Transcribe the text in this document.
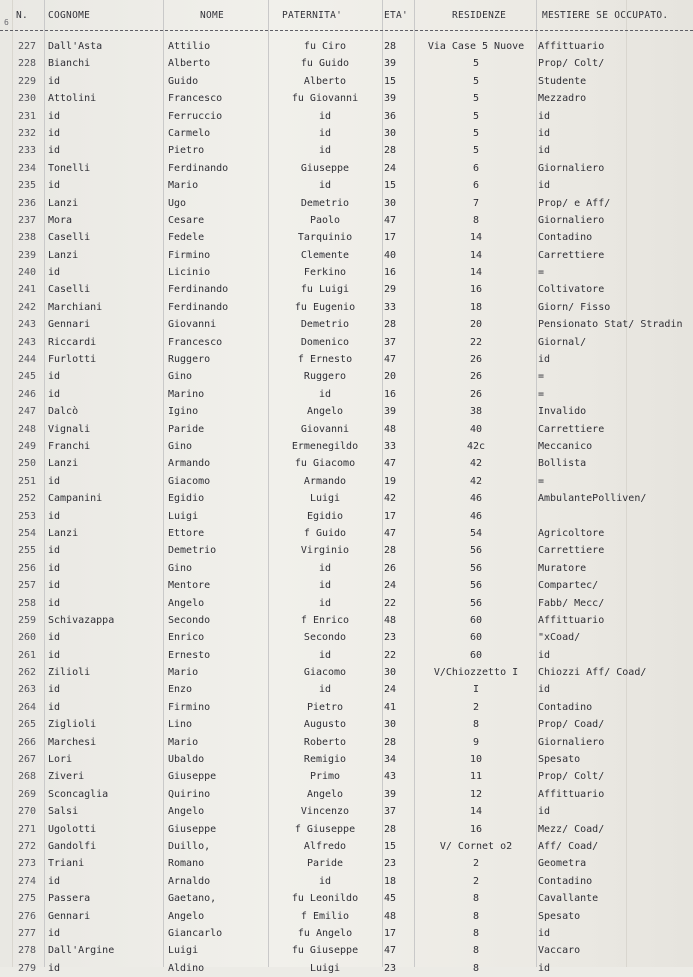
N. COGNOME	NOME	PATERNITA'	ETA'	RESIDENZE	MESTIERE SE OCCUPATO.
6
227	Dall'Asta	Attilio	fu Ciro	28	Via Case 5 Nuove	Affittuario
228	Bianchi	Alberto	fu Guido	39	5	Prop/ Colt/
229	id	Guido	Alberto	15	5	Studente
230	Attolini	Francesco	fu Giovanni	39	5	Mezzadro
231	id	Ferruccio	id	36	5	id
232	id	Carmelo	id	30	5	id
233	id	Pietro	id	28	5	id
234	Tonelli	Ferdinando	Giuseppe	24	6	Giornaliero
235	id	Mario	id	15	6	id
236	Lanzi	Ugo	Demetrio	30	7	Prop/ e Aff/
237	Mora	Cesare	Paolo	47	8	Giornaliero
238	Caselli	Fedele	Tarquinio	17	14	Contadino
239	Lanzi	Firmino	Clemente	40	14	Carrettiere
240	id	Licinio	Ferkino	16	14	=
241	Caselli	Ferdinando	fu Luigi	29	16	Coltivatore
242	Marchiani	Ferdinando	fu Eugenio	33	18	Giorn/ Fisso
243	Gennari	Giovanni	Demetrio	28	20	Pensionato Stat/ Stradin
243	Riccardi	Francesco	Domenico	37	22	Giornal/
244	Furlotti	Ruggero	f Ernesto	47	26	id
245	id	Gino	Ruggero	20	26	=
246	id	Marino	id	16	26	=
247	Dalcò	Igino	Angelo	39	38	Invalido
248	Vignali	Paride	Giovanni	48	40	Carrettiere
249	Franchi	Gino	Ermenegildo	33	42c	Meccanico
250	Lanzi	Armando	fu Giacomo	47	42	Bollista
251	id	Giacomo	Armando	19	42	=
252	Campanini	Egidio	Luigi	42	46	AmbulantePolliven/
253	id	Luigi	Egidio	17	46
254	Lanzi	Ettore	f Guido	47	54	Agricoltore
255	id	Demetrio	Virginio	28	56	Carrettiere
256	id	Gino	id	26	56	Muratore
257	id	Mentore	id	24	56	Compartec/
258	id	Angelo	id	22	56	Fabb/ Mecc/
259	Schivazappa	Secondo	f Enrico	48	60	Affittuario
260	id	Enrico	Secondo	23	60	"xCoad/
261	id	Ernesto	id	22	60	id
262	Zilioli	Mario	Giacomo	30	V/Chiozzetto I	Chiozzi Aff/ Coad/
263	id	Enzo	id	24	I	id
264	id	Firmino	Pietro	41	2	Contadino
265	Ziglioli	Lino	Augusto	30	8	Prop/ Coad/
266	Marchesi	Mario	Roberto	28	9	Giornaliero
267	Lori	Ubaldo	Remigio	34	10	Spesato
268	Ziveri	Giuseppe	Primo	43	11	Prop/ Colt/
269	Sconcaglia	Quirino	Angelo	39	12	Affittuario
270	Salsi	Angelo	Vincenzo	37	14	id
271	Ugolotti	Giuseppe	f Giuseppe	28	16	Mezz/ Coad/
272	Gandolfi	Duillo,	Alfredo	15	V/ Cornet o2	Aff/ Coad/
273	Triani	Romano	Paride	23	2	Geometra
274	id	Arnaldo	id	18	2	Contadino
275	Passera	Gaetano,	fu Leonildo	45	8	Cavallante
276	Gennari	Angelo	f Emilio	48	8	Spesato
277	id	Giancarlo	fu Angelo	17	8	id
278	Dall'Argine	Luigi	fu Giuseppe	47	8	Vaccaro
279	id	Aldino	Luigi	23	8	id
